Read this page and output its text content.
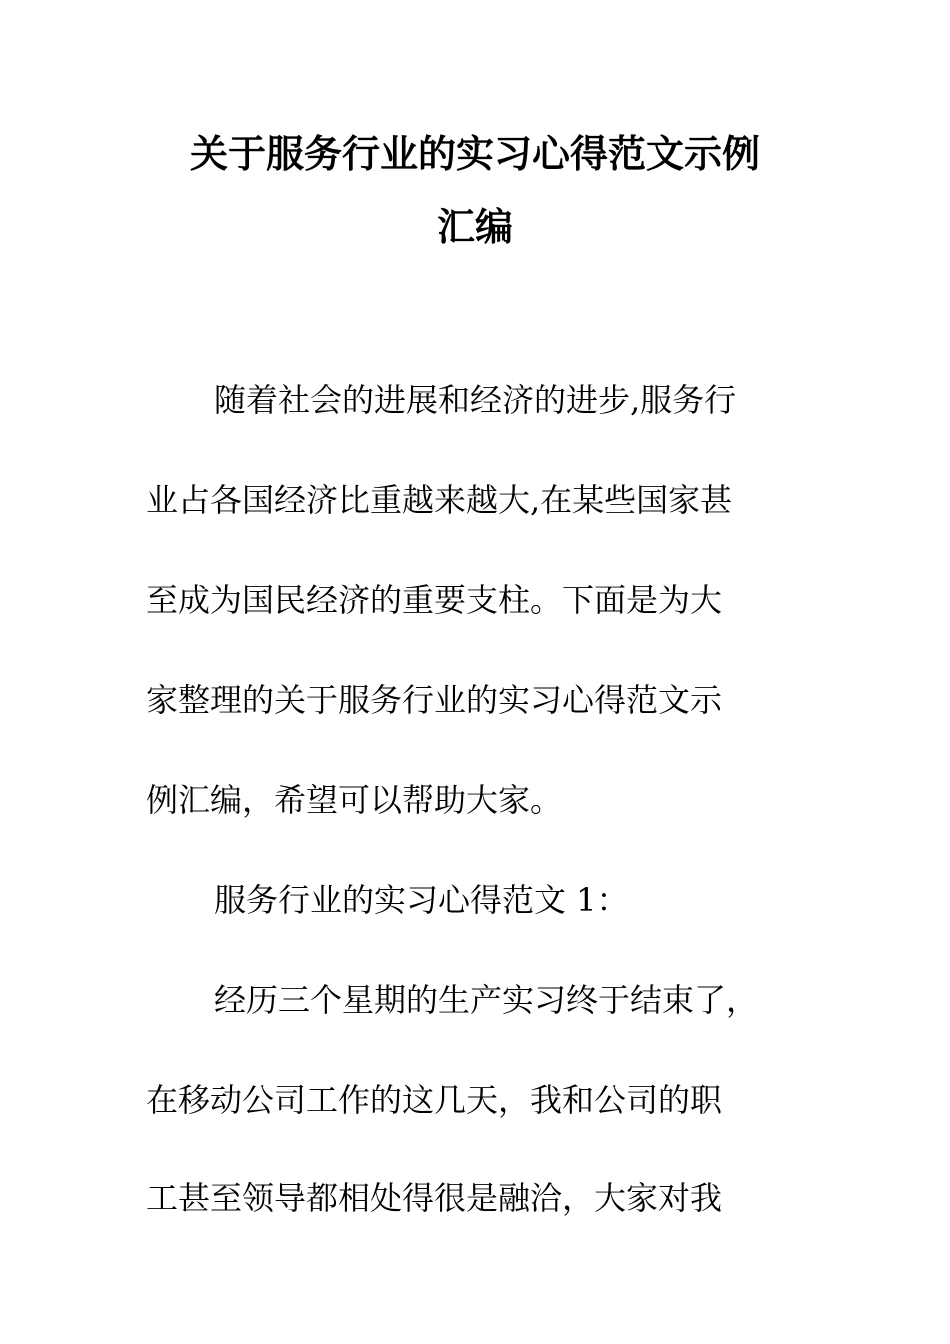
关于服务行业的实习心得范文示例
汇编

随着社会的进展和经济的进步,服务行

业占各国经济比重越来越大,在某些国家甚

至成为国民经济的重要支柱。下面是为大

家整理的关于服务行业的实习心得范文示

例汇编，希望可以帮助大家。

服务行业的实习心得范文 1：

经历三个星期的生产实习终于结束了，

在移动公司工作的这几天，我和公司的职

工甚至领导都相处得很是融洽，大家对我
